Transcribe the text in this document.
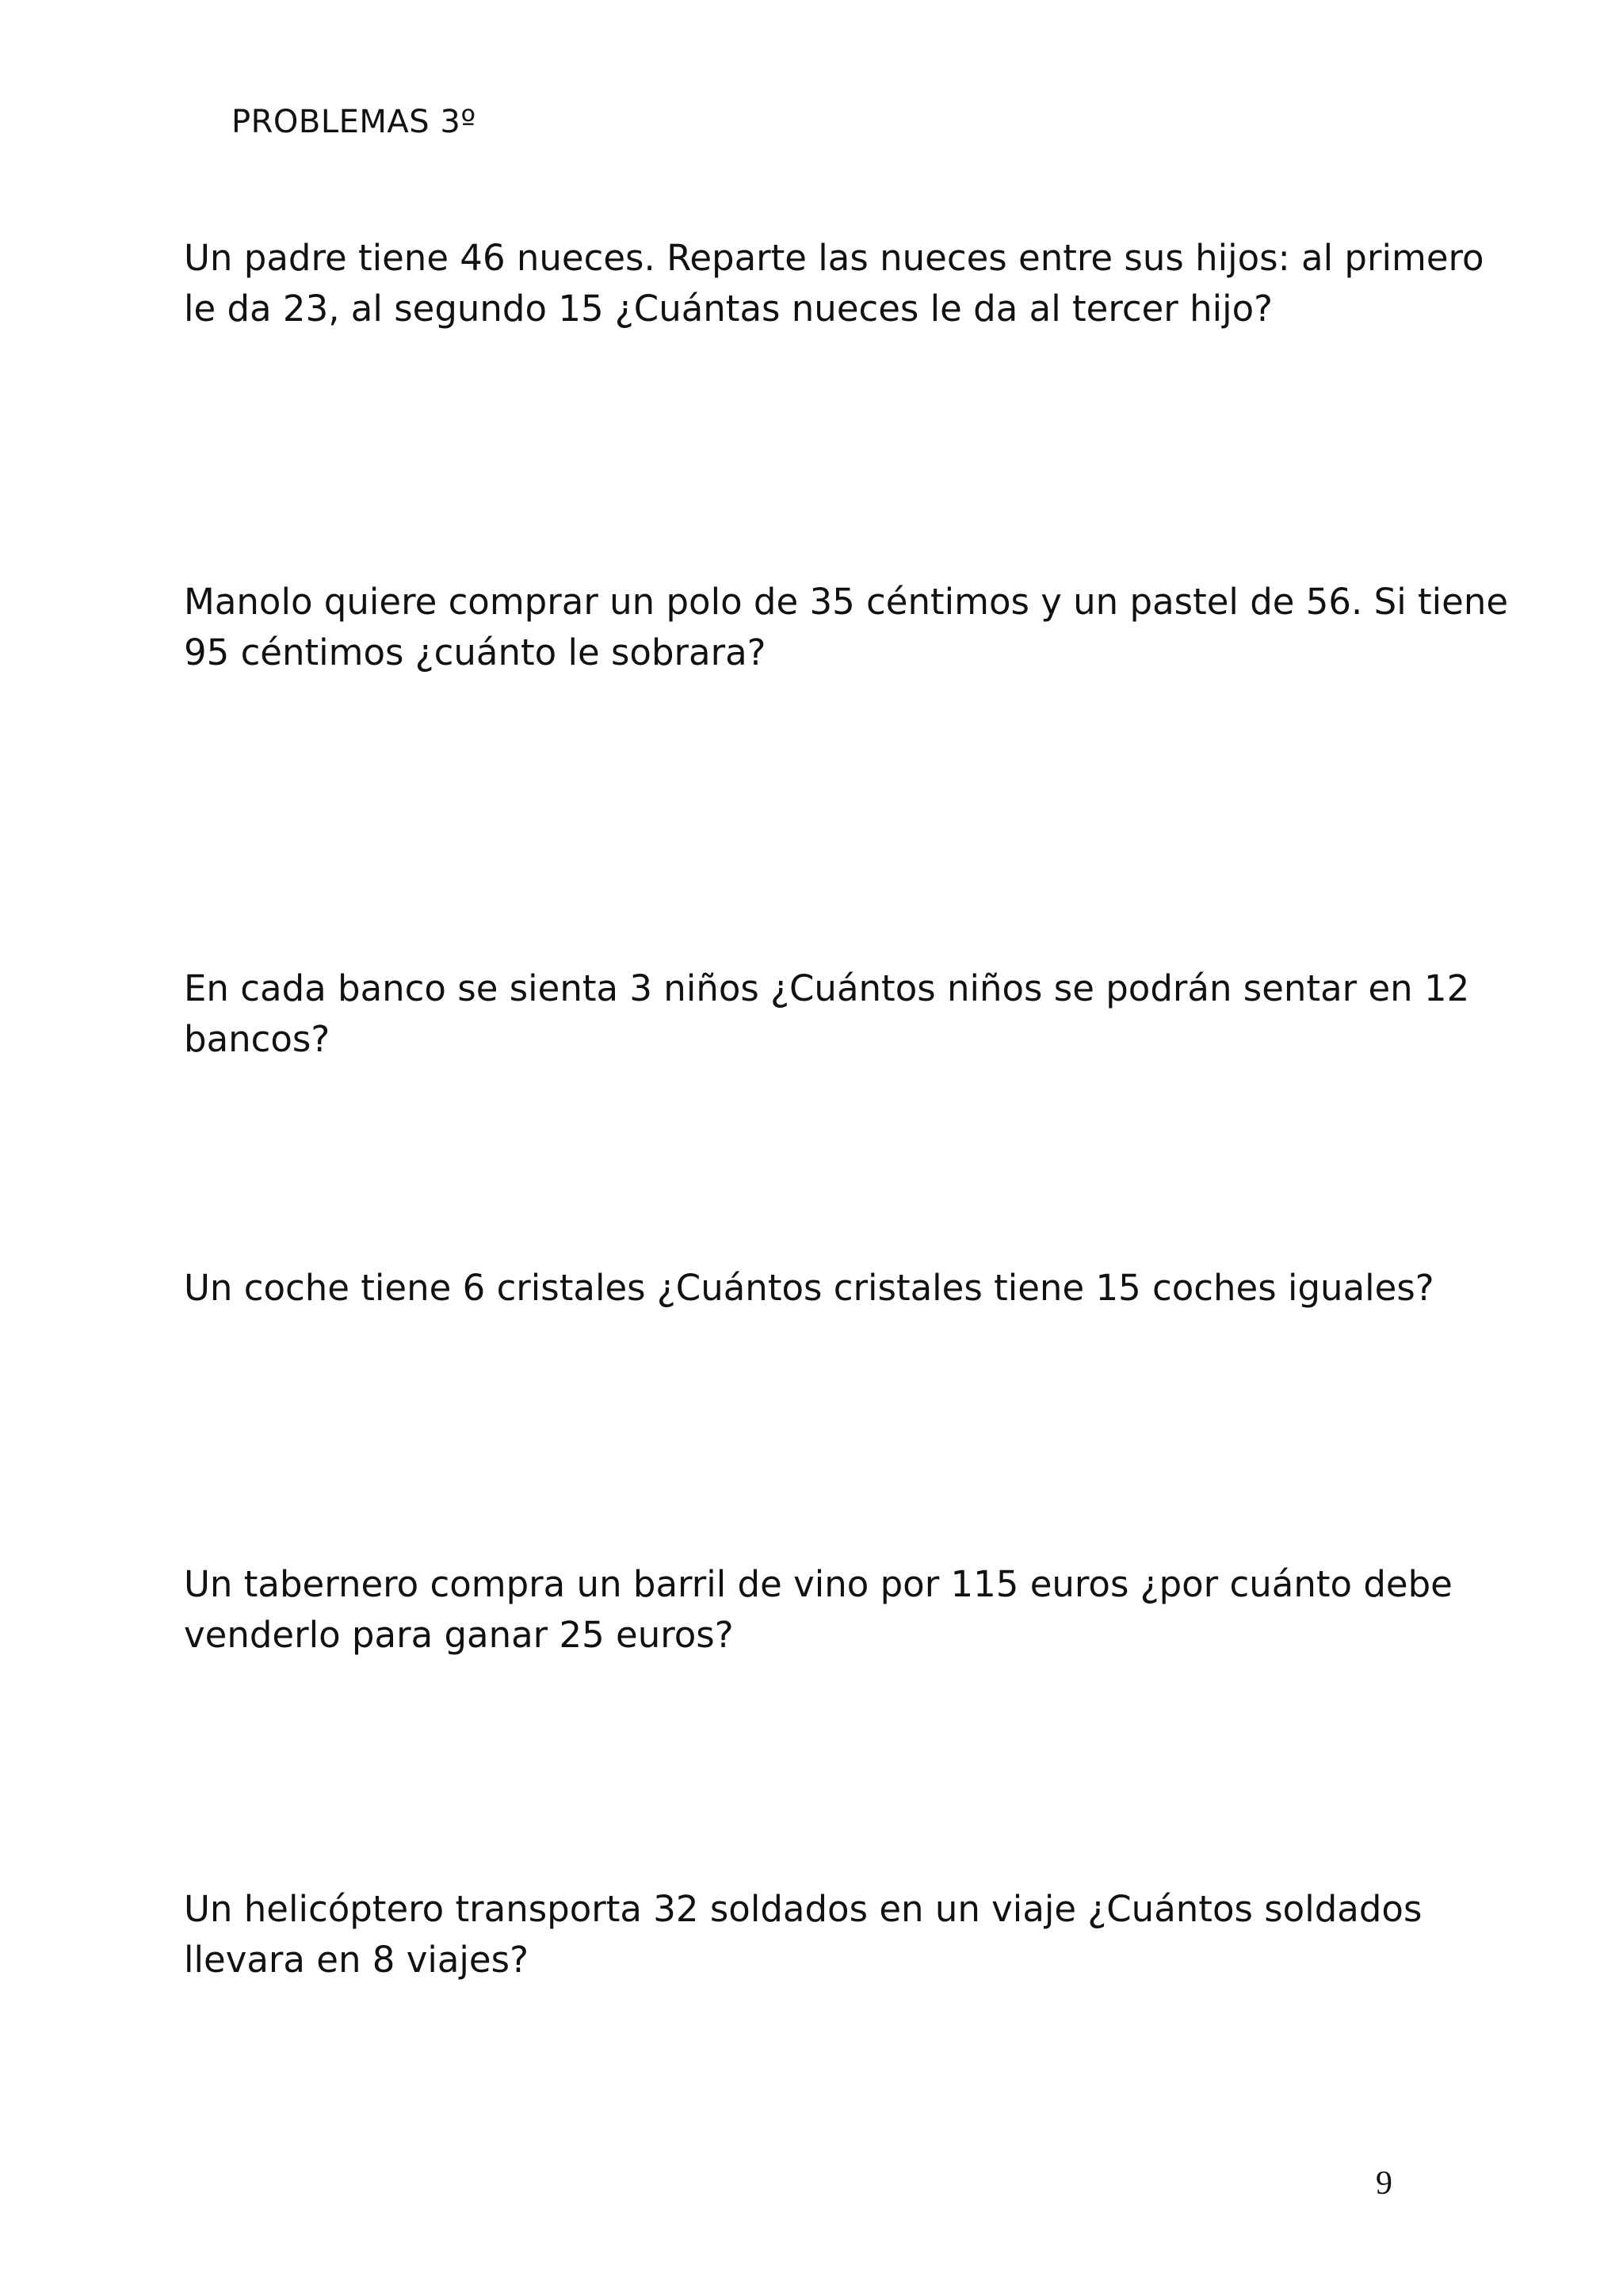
PROBLEMAS 3º

Un padre tiene 46 nueces. Reparte las nueces entre sus hijos: al primero le da 23, al segundo 15 ¿Cuántas nueces le da al tercer hijo?

Manolo quiere comprar un polo de 35 céntimos y un pastel de 56. Si tiene 95 céntimos ¿cuánto le sobrara?

En cada banco se sienta 3 niños ¿Cuántos niños se podrán sentar en 12 bancos?

Un coche tiene 6 cristales ¿Cuántos cristales tiene 15 coches iguales?

Un tabernero compra un barril de vino por 115 euros ¿por cuánto debe venderlo para ganar 25 euros?

Un helicóptero transporta 32 soldados en un viaje ¿Cuántos soldados llevara en 8 viajes?

9
